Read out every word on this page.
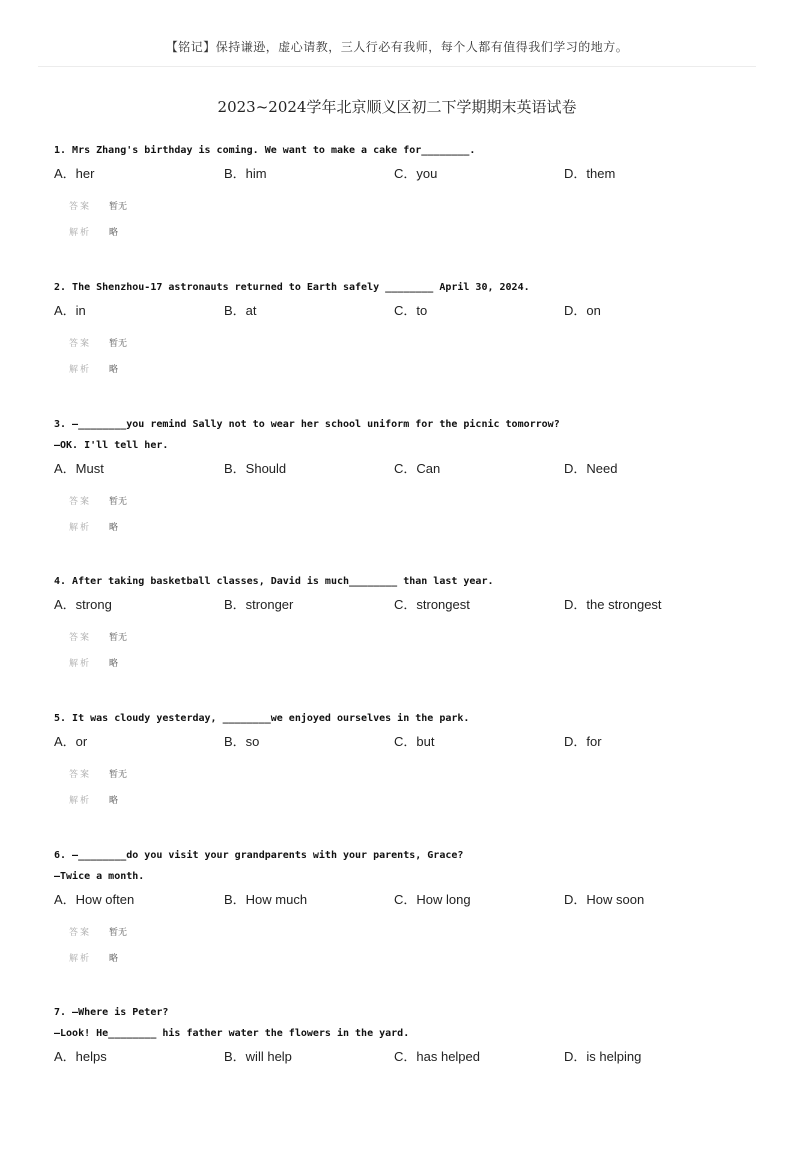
【铭记】保持谦逊，虚心请教，三人行必有我师，每个人都有值得我们学习的地方。
2023~2024学年北京顺义区初二下学期期末英语试卷
1. Mrs Zhang's birthday is coming. We want to make a cake for________.
A．her	B．him	C．you	D．them
答案	暂无
解析	略
2. The Shenzhou-17 astronauts returned to Earth safely ________ April 30, 2024.
A．in	B．at	C．to	D．on
答案	暂无
解析	略
3. —________you remind Sally not to wear her school uniform for the picnic tomorrow?
—OK. I'll tell her.
A．Must	B．Should	C．Can	D．Need
答案	暂无
解析	略
4. After taking basketball classes, David is much________ than last year.
A．strong	B．stronger	C．strongest	D．the strongest
答案	暂无
解析	略
5. It was cloudy yesterday, ________we enjoyed ourselves in the park.
A．or	B．so	C．but	D．for
答案	暂无
解析	略
6. —________do you visit your grandparents with your parents, Grace?
—Twice a month.
A．How often	B．How much	C．How long	D．How soon
答案	暂无
解析	略
7. —Where is Peter?
—Look! He________ his father water the flowers in the yard.
A．helps	B．will help	C．has helped	D．is helping
